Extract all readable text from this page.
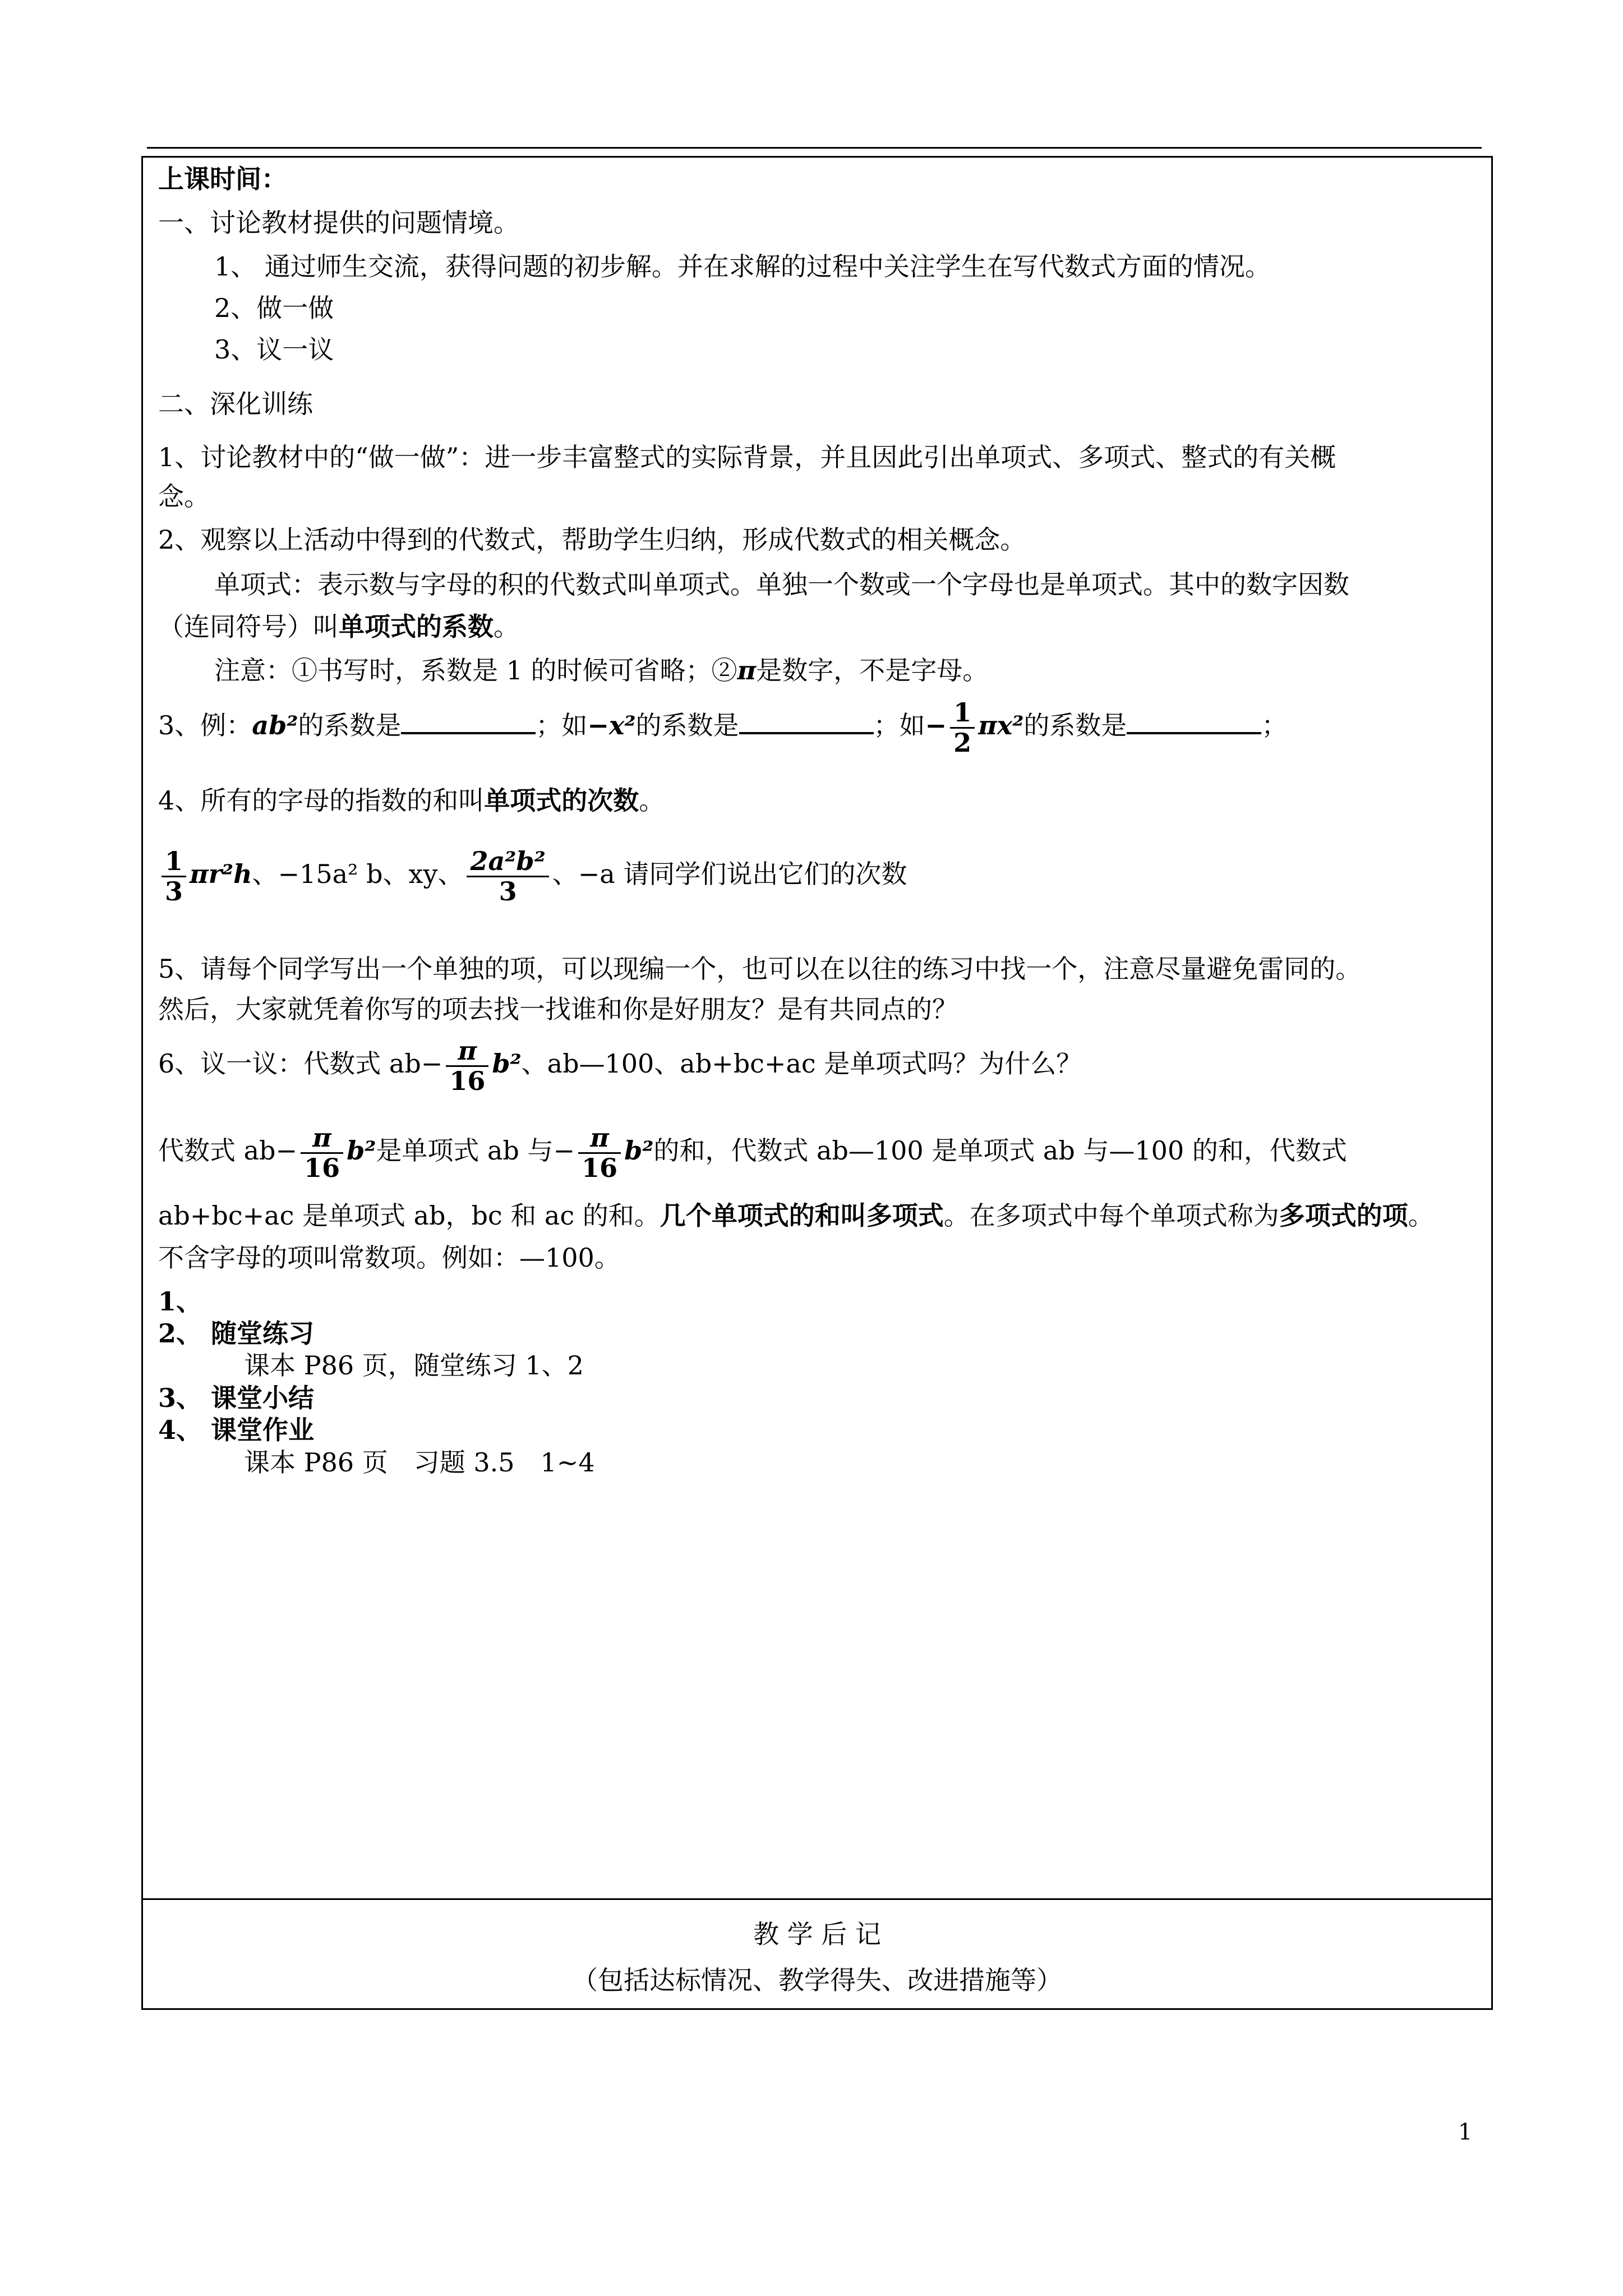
上课时间：
一、讨论教材提供的问题情境。
1、 通过师生交流，获得问题的初步解。并在求解的过程中关注学生在写代数式方面的情况。
2、做一做
3、议一议
二、深化训练
1、讨论教材中的“做一做”：进一步丰富整式的实际背景，并且因此引出单项式、多项式、整式的有关概
念。
2、观察以上活动中得到的代数式，帮助学生归纳，形成代数式的相关概念。
单项式：表示数与字母的积的代数式叫单项式。单独一个数或一个字母也是单项式。其中的数字因数
（连同符号）叫单项式的系数。
注意：①书写时，系数是 1 的时候可省略；②π是数字，不是字母。
3、例：ab²的系数是	；如−x²的系数是	；如− $\frac{1}{2} \pi x^2$的系数是	；
4、所有的字母的指数的和叫单项式的次数。
$\frac{1}{3} \pi r^2h$、−15a² b、xy、 $\frac{\text{2a²b²}}{3}$ 、−a 请同学们说出它们的次数
5、请每个同学写出一个单独的项，可以现编一个，也可以在以往的练习中找一个，注意尽量避免雷同的。
然后，大家就凭着你写的项去找一找谁和你是好朋友？是有共同点的？
6、议一议：代数式 $ab- \frac{\pi}{16} b^2$、ab—100、ab+bc+ac 是单项式吗？为什么？
代数式 $ab- \frac{\pi}{16} b^2$是单项式 ab 与− $\frac{\pi}{16} b^2$的和，代数式 ab—100 是单项式 ab 与—100 的和，代数式
ab+bc+ac 是单项式 ab，bc 和 ac 的和。几个单项式的和叫多项式。在多项式中每个单项式称为多项式的项。
不含字母的项叫常数项。例如：—100。
1、
2、 随堂练习
课本 P86 页，随堂练习 1、2
3、 课堂小结
4、 课堂作业
课本 P86 页　习题 3.5　1~4
教 学 后 记
（包括达标情况、教学得失、改进措施等）
1
